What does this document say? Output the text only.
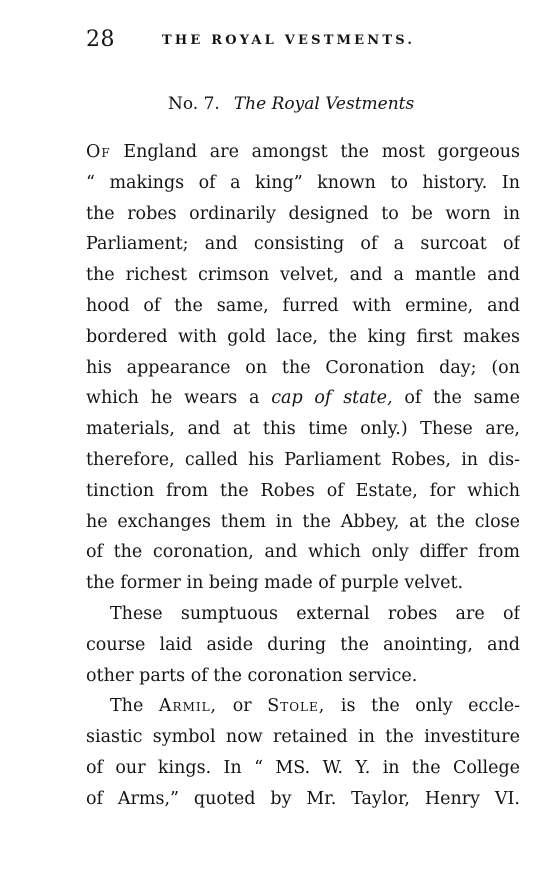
28	THE ROYAL VESTMENTS.
No. 7. The Royal Vestments
Of England are amongst the most gorgeous
“ makings of a king” known to history. In
the robes ordinarily designed to be worn in
Parliament; and consisting of a surcoat of
the richest crimson velvet, and a mantle and
hood of the same, furred with ermine, and
bordered with gold lace, the king first makes
his appearance on the Coronation day; (on
which he wears a cap of state, of the same
materials, and at this time only.) These are,
therefore, called his Parliament Robes, in dis-
tinction from the Robes of Estate, for which
he exchanges them in the Abbey, at the close
of the coronation, and which only differ from
the former in being made of purple velvet.
These sumptuous external robes are of
course laid aside during the anointing, and
other parts of the coronation service.
The Armil, or Stole, is the only eccle-
siastic symbol now retained in the investiture
of our kings. In “ MS. W. Y. in the College
of Arms,” quoted by Mr. Taylor, Henry VI.
